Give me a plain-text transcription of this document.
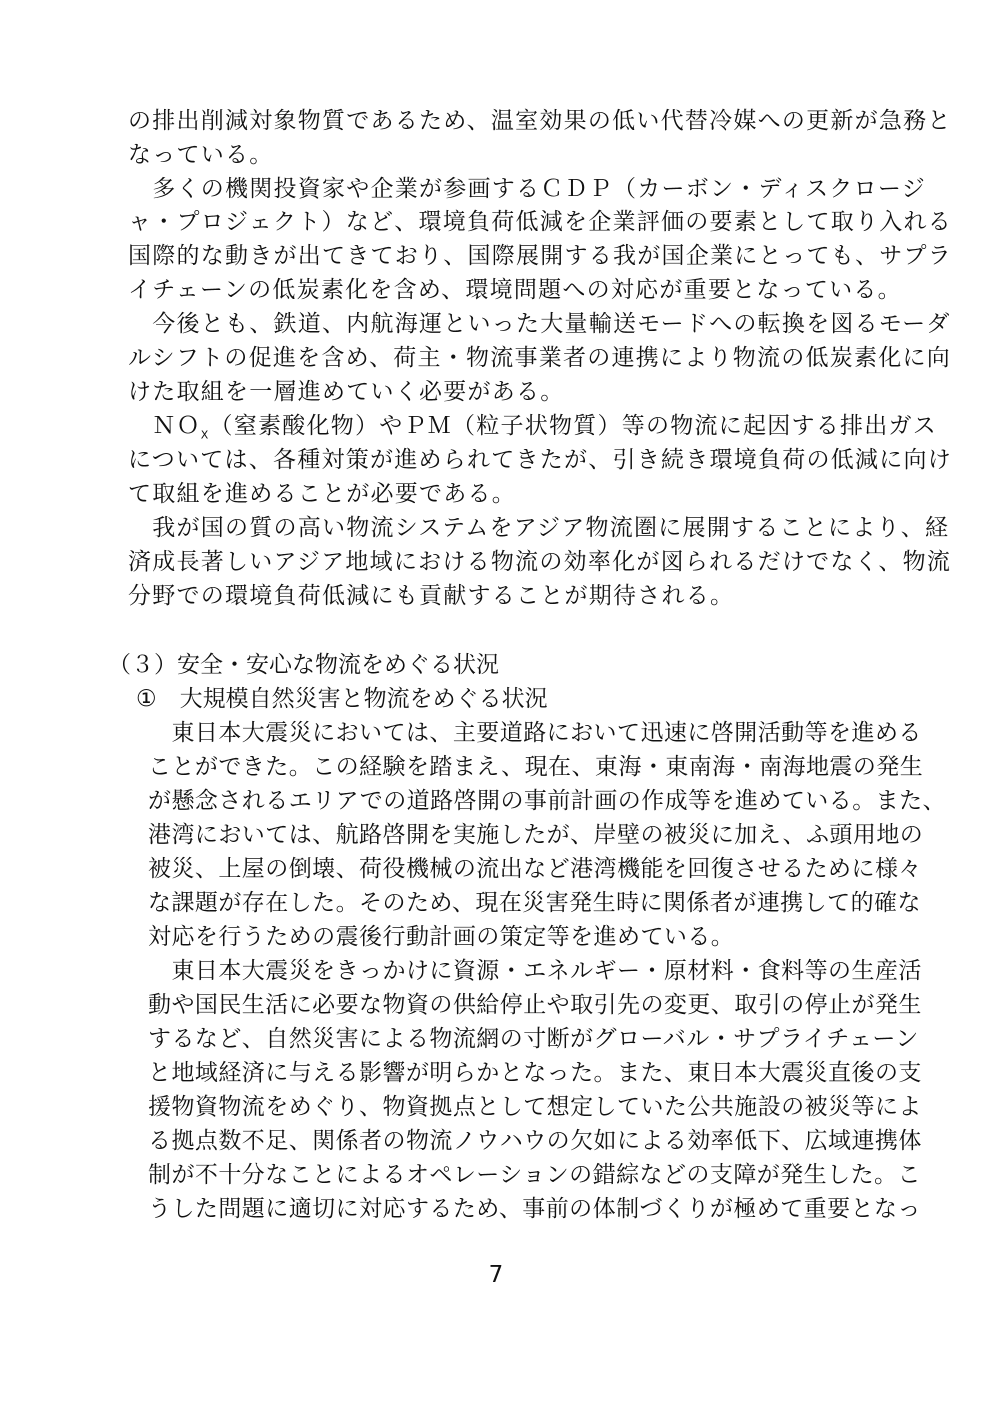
の排出削減対象物質であるため、温室効果の低い代替冷媒への更新が急務と
なっている。
　多くの機関投資家や企業が参画するＣＤＰ（カーボン・ディスクロージ
ャ・プロジェクト）など、環境負荷低減を企業評価の要素として取り入れる
国際的な動きが出てきており、国際展開する我が国企業にとっても、サプラ
イチェーンの低炭素化を含め、環境問題への対応が重要となっている。
　今後とも、鉄道、内航海運といった大量輸送モードへの転換を図るモーダ
ルシフトの促進を含め、荷主・物流事業者の連携により物流の低炭素化に向
けた取組を一層進めていく必要がある。
　ＮＯ$_X$（窒素酸化物）やＰＭ（粒子状物質）等の物流に起因する排出ガス
については、各種対策が進められてきたが、引き続き環境負荷の低減に向け
て取組を進めることが必要である。
　我が国の質の高い物流システムをアジア物流圏に展開することにより、経
済成長著しいアジア地域における物流の効率化が図られるだけでなく、物流
分野での環境負荷低減にも貢献することが期待される。
（３）安全・安心な物流をめぐる状況
①　大規模自然災害と物流をめぐる状況
　東日本大震災においては、主要道路において迅速に啓開活動等を進める
ことができた。この経験を踏まえ、現在、東海・東南海・南海地震の発生
が懸念されるエリアでの道路啓開の事前計画の作成等を進めている。また、
港湾においては、航路啓開を実施したが、岸壁の被災に加え、ふ頭用地の
被災、上屋の倒壊、荷役機械の流出など港湾機能を回復させるために様々
な課題が存在した。そのため、現在災害発生時に関係者が連携して的確な
対応を行うための震後行動計画の策定等を進めている。
　東日本大震災をきっかけに資源・エネルギー・原材料・食料等の生産活
動や国民生活に必要な物資の供給停止や取引先の変更、取引の停止が発生
するなど、自然災害による物流網の寸断がグローバル・サプライチェーン
と地域経済に与える影響が明らかとなった。また、東日本大震災直後の支
援物資物流をめぐり、物資拠点として想定していた公共施設の被災等によ
る拠点数不足、関係者の物流ノウハウの欠如による効率低下、広域連携体
制が不十分なことによるオペレーションの錯綜などの支障が発生した。こ
うした問題に適切に対応するため、事前の体制づくりが極めて重要となっ
7
